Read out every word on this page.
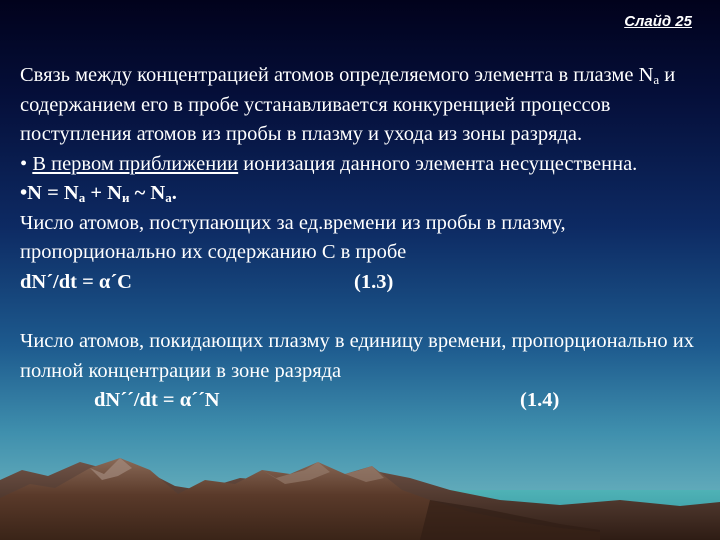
Слайд 25

Связь между концентрацией атомов определяемого элемента в плазме $N_а$ и содержанием его в пробе устанавливается конкуренцией процессов поступления атомов из пробы в плазму и ухода из зоны разряда.

• В первом приближении ионизация данного элемента несущественна.

•N = $N_а + N_и$ ~ $N_а$.

Число атомов, поступающих за ед.времени из пробы в плазму, пропорционально их содержанию С в пробе

dN´/dt = α´C	(1.3)

Число атомов, покидающих плазму в единицу времени, пропорционально их полной концентрации в зоне разряда

dN´´/dt = α´´N	(1.4)
